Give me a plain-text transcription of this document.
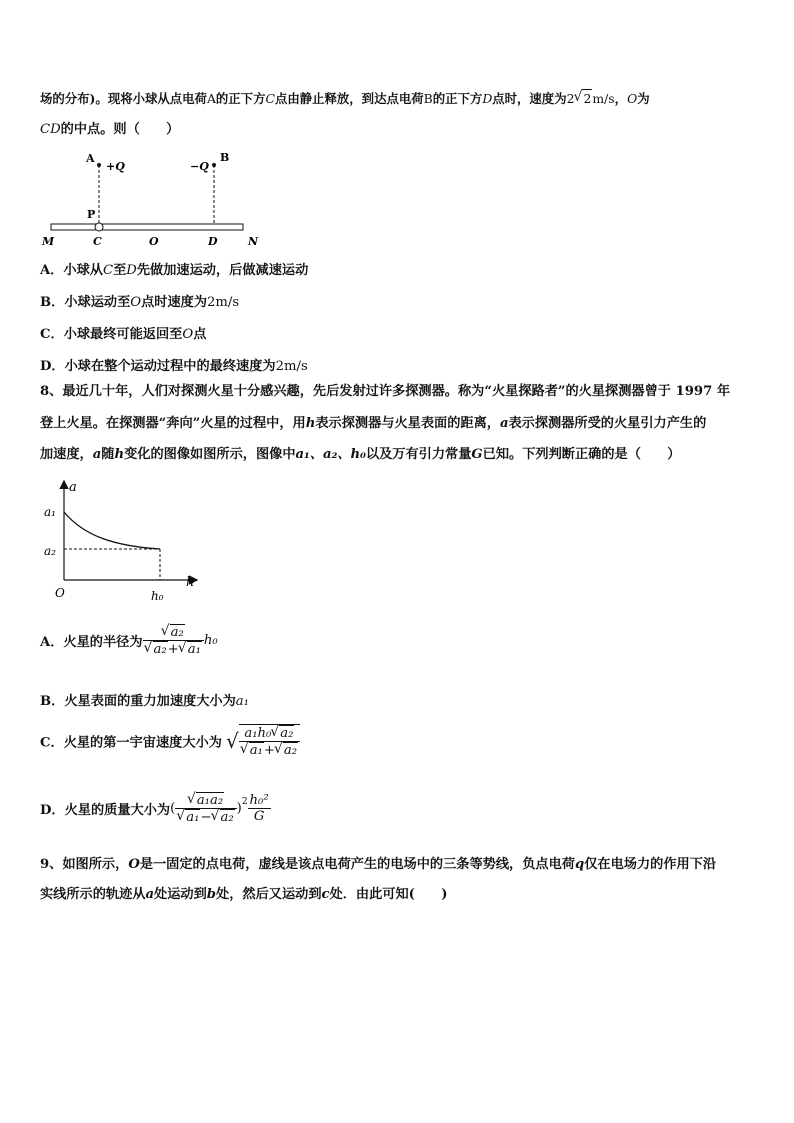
场的分布)。现将小球从点电荷A的正下方C点由静止释放，到达点电荷B的正下方D点时，速度为2 √ 2m/s，O为
CD的中点。则（　　）
A
+Q	−Q
B
P
M	C	O	D	N
A．小球从C至D先做加速运动，后做减速运动
B．小球运动至O点时速度为2m/s
C．小球最终可能返回至O点
D．小球在整个运动过程中的最终速度为2m/s
8、最近几十年，人们对探测火星十分感兴趣，先后发射过许多探测器。称为“火星探路者”的火星探测器曾于 1997 年
登上火星。在探测器“奔向”火星的过程中，用h表示探测器与火星表面的距离，a表示探测器所受的火星引力产生的
加速度，a随h变化的图像如图所示，图像中a₁、a₂、h₀以及万有引力常量G已知。下列判断正确的是（　　）
a
h
a₁
a₂
O	h₀
A．火星的半径为 √ a₂
√ a₂+ √ a₁ h₀
B．火星表面的重力加速度大小为a₁
C．火星的第一宇宙速度大小为 √ a₁h₀ √ a₂
√ a₁+ √ a₂
D．火星的质量大小为( √ a₁a₂
√ a₁− √ a₂ )$^2 \frac{\text{h₀²}}{G}$
9、如图所示，O是一固定的点电荷，虚线是该点电荷产生的电场中的三条等势线，负点电荷q仅在电场力的作用下沿
实线所示的轨迹从a处运动到b处，然后又运动到c处．由此可知(　　)
